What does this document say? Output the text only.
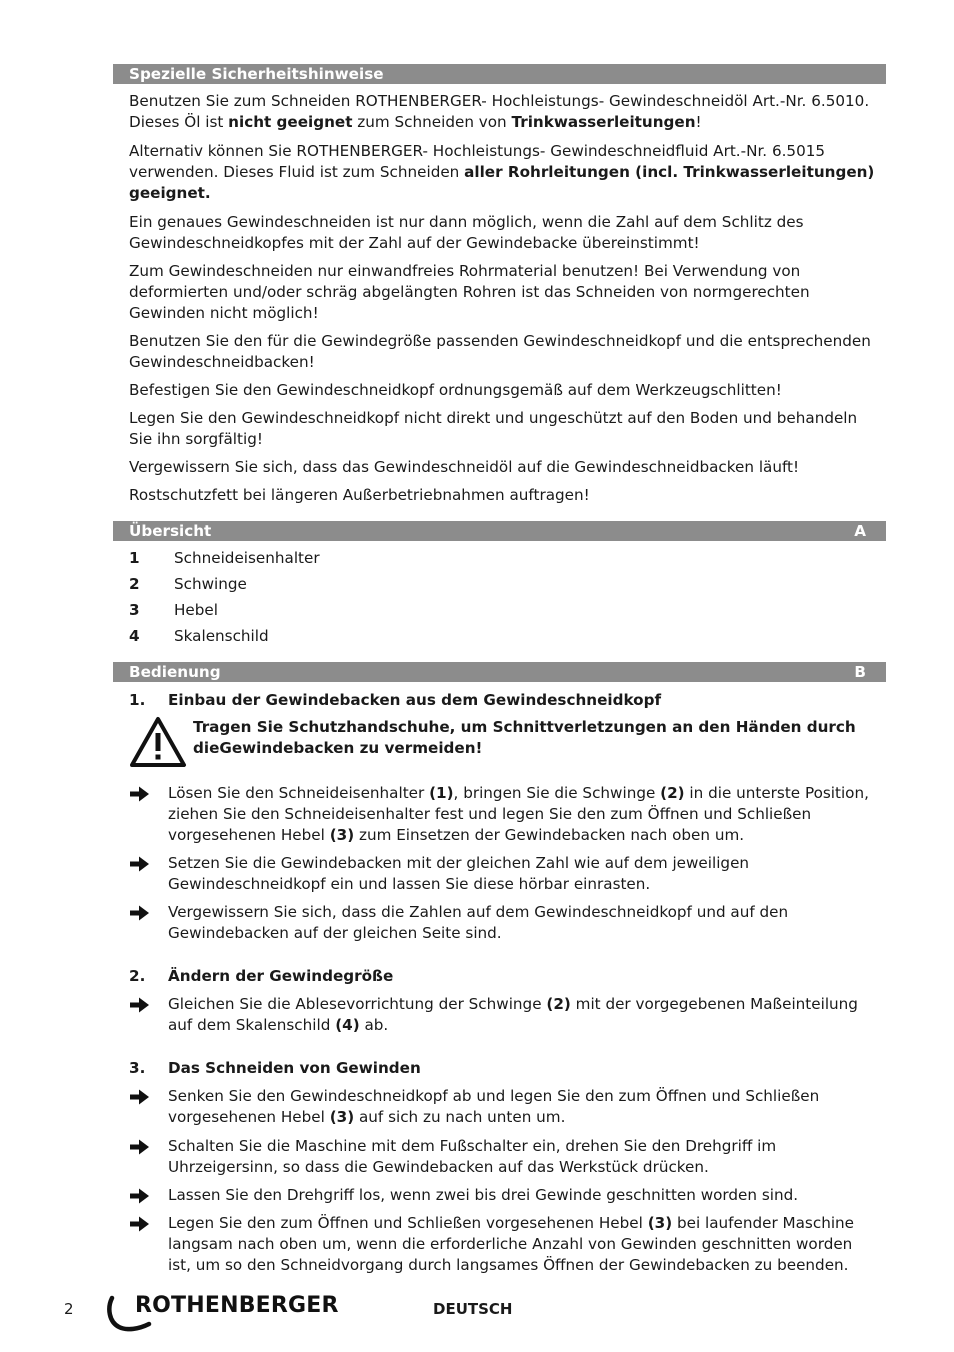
Spezielle Sicherheitshinweise

Benutzen Sie zum Schneiden ROTHENBERGER- Hochleistungs- Gewindeschneidöl Art.-Nr. 6.5010. Dieses Öl ist nicht geeignet zum Schneiden von Trinkwasserleitungen!

Alternativ können Sie ROTHENBERGER- Hochleistungs- Gewindeschneidfluid Art.-Nr. 6.5015 verwenden. Dieses Fluid ist zum Schneiden aller Rohrleitungen (incl. Trinkwasserleitungen) geeignet.

Ein genaues Gewindeschneiden ist nur dann möglich, wenn die Zahl auf dem Schlitz des Gewindeschneidkopfes mit der Zahl auf der Gewindebacke übereinstimmt!

Zum Gewindeschneiden nur einwandfreies Rohrmaterial benutzen! Bei Verwendung von deformierten und/oder schräg abgelängten Rohren ist das Schneiden von normgerechten Gewinden nicht möglich!

Benutzen Sie den für die Gewindegröße passenden Gewindeschneidkopf und die entsprechenden Gewindeschneidbacken!

Befestigen Sie den Gewindeschneidkopf ordnungsgemäß auf dem Werkzeugschlitten!

Legen Sie den Gewindeschneidkopf nicht direkt und ungeschützt auf den Boden und behandeln Sie ihn sorgfältig!

Vergewissern Sie sich, dass das Gewindeschneidöl auf die Gewindeschneidbacken läuft!

Rostschutzfett bei längeren Außerbetriebnahmen auftragen!

Übersicht	A
1	Schneideisenhalter
2	Schwinge
3	Hebel
4	Skalenschild
Bedienung	B
1. Einbau der Gewindebacken aus dem Gewindeschneidkopf

Tragen Sie Schutzhandschuhe, um Schnittverletzungen an den Händen durch dieGewindebacken zu vermeiden!

Lösen Sie den Schneideisenhalter (1), bringen Sie die Schwinge (2) in die unterste Position, ziehen Sie den Schneideisenhalter fest und legen Sie den zum Öffnen und Schließen vorgesehenen Hebel (3) zum Einsetzen der Gewindebacken nach oben um.

Setzen Sie die Gewindebacken mit der gleichen Zahl wie auf dem jeweiligen Gewindeschneidkopf ein und lassen Sie diese hörbar einrasten.

Vergewissern Sie sich, dass die Zahlen auf dem Gewindeschneidkopf und auf den Gewindebacken auf der gleichen Seite sind.

2. Ändern der Gewindegröße

Gleichen Sie die Ablesevorrichtung der Schwinge (2) mit der vorgegebenen Maßeinteilung auf dem Skalenschild (4) ab.

3. Das Schneiden von Gewinden

Senken Sie den Gewindeschneidkopf ab und legen Sie den zum Öffnen und Schließen vorgesehenen Hebel (3) auf sich zu nach unten um.

Schalten Sie die Maschine mit dem Fußschalter ein, drehen Sie den Drehgriff im Uhrzeigersinn, so dass die Gewindebacken auf das Werkstück drücken.

Lassen Sie den Drehgriff los, wenn zwei bis drei Gewinde geschnitten worden sind.

Legen Sie den zum Öffnen und Schließen vorgesehenen Hebel (3) bei laufender Maschine langsam nach oben um, wenn die erforderliche Anzahl von Gewinden geschnitten worden ist, um so den Schneidvorgang durch langsames Öffnen der Gewindebacken zu beenden.

2	ROTHENBERGER	DEUTSCH
